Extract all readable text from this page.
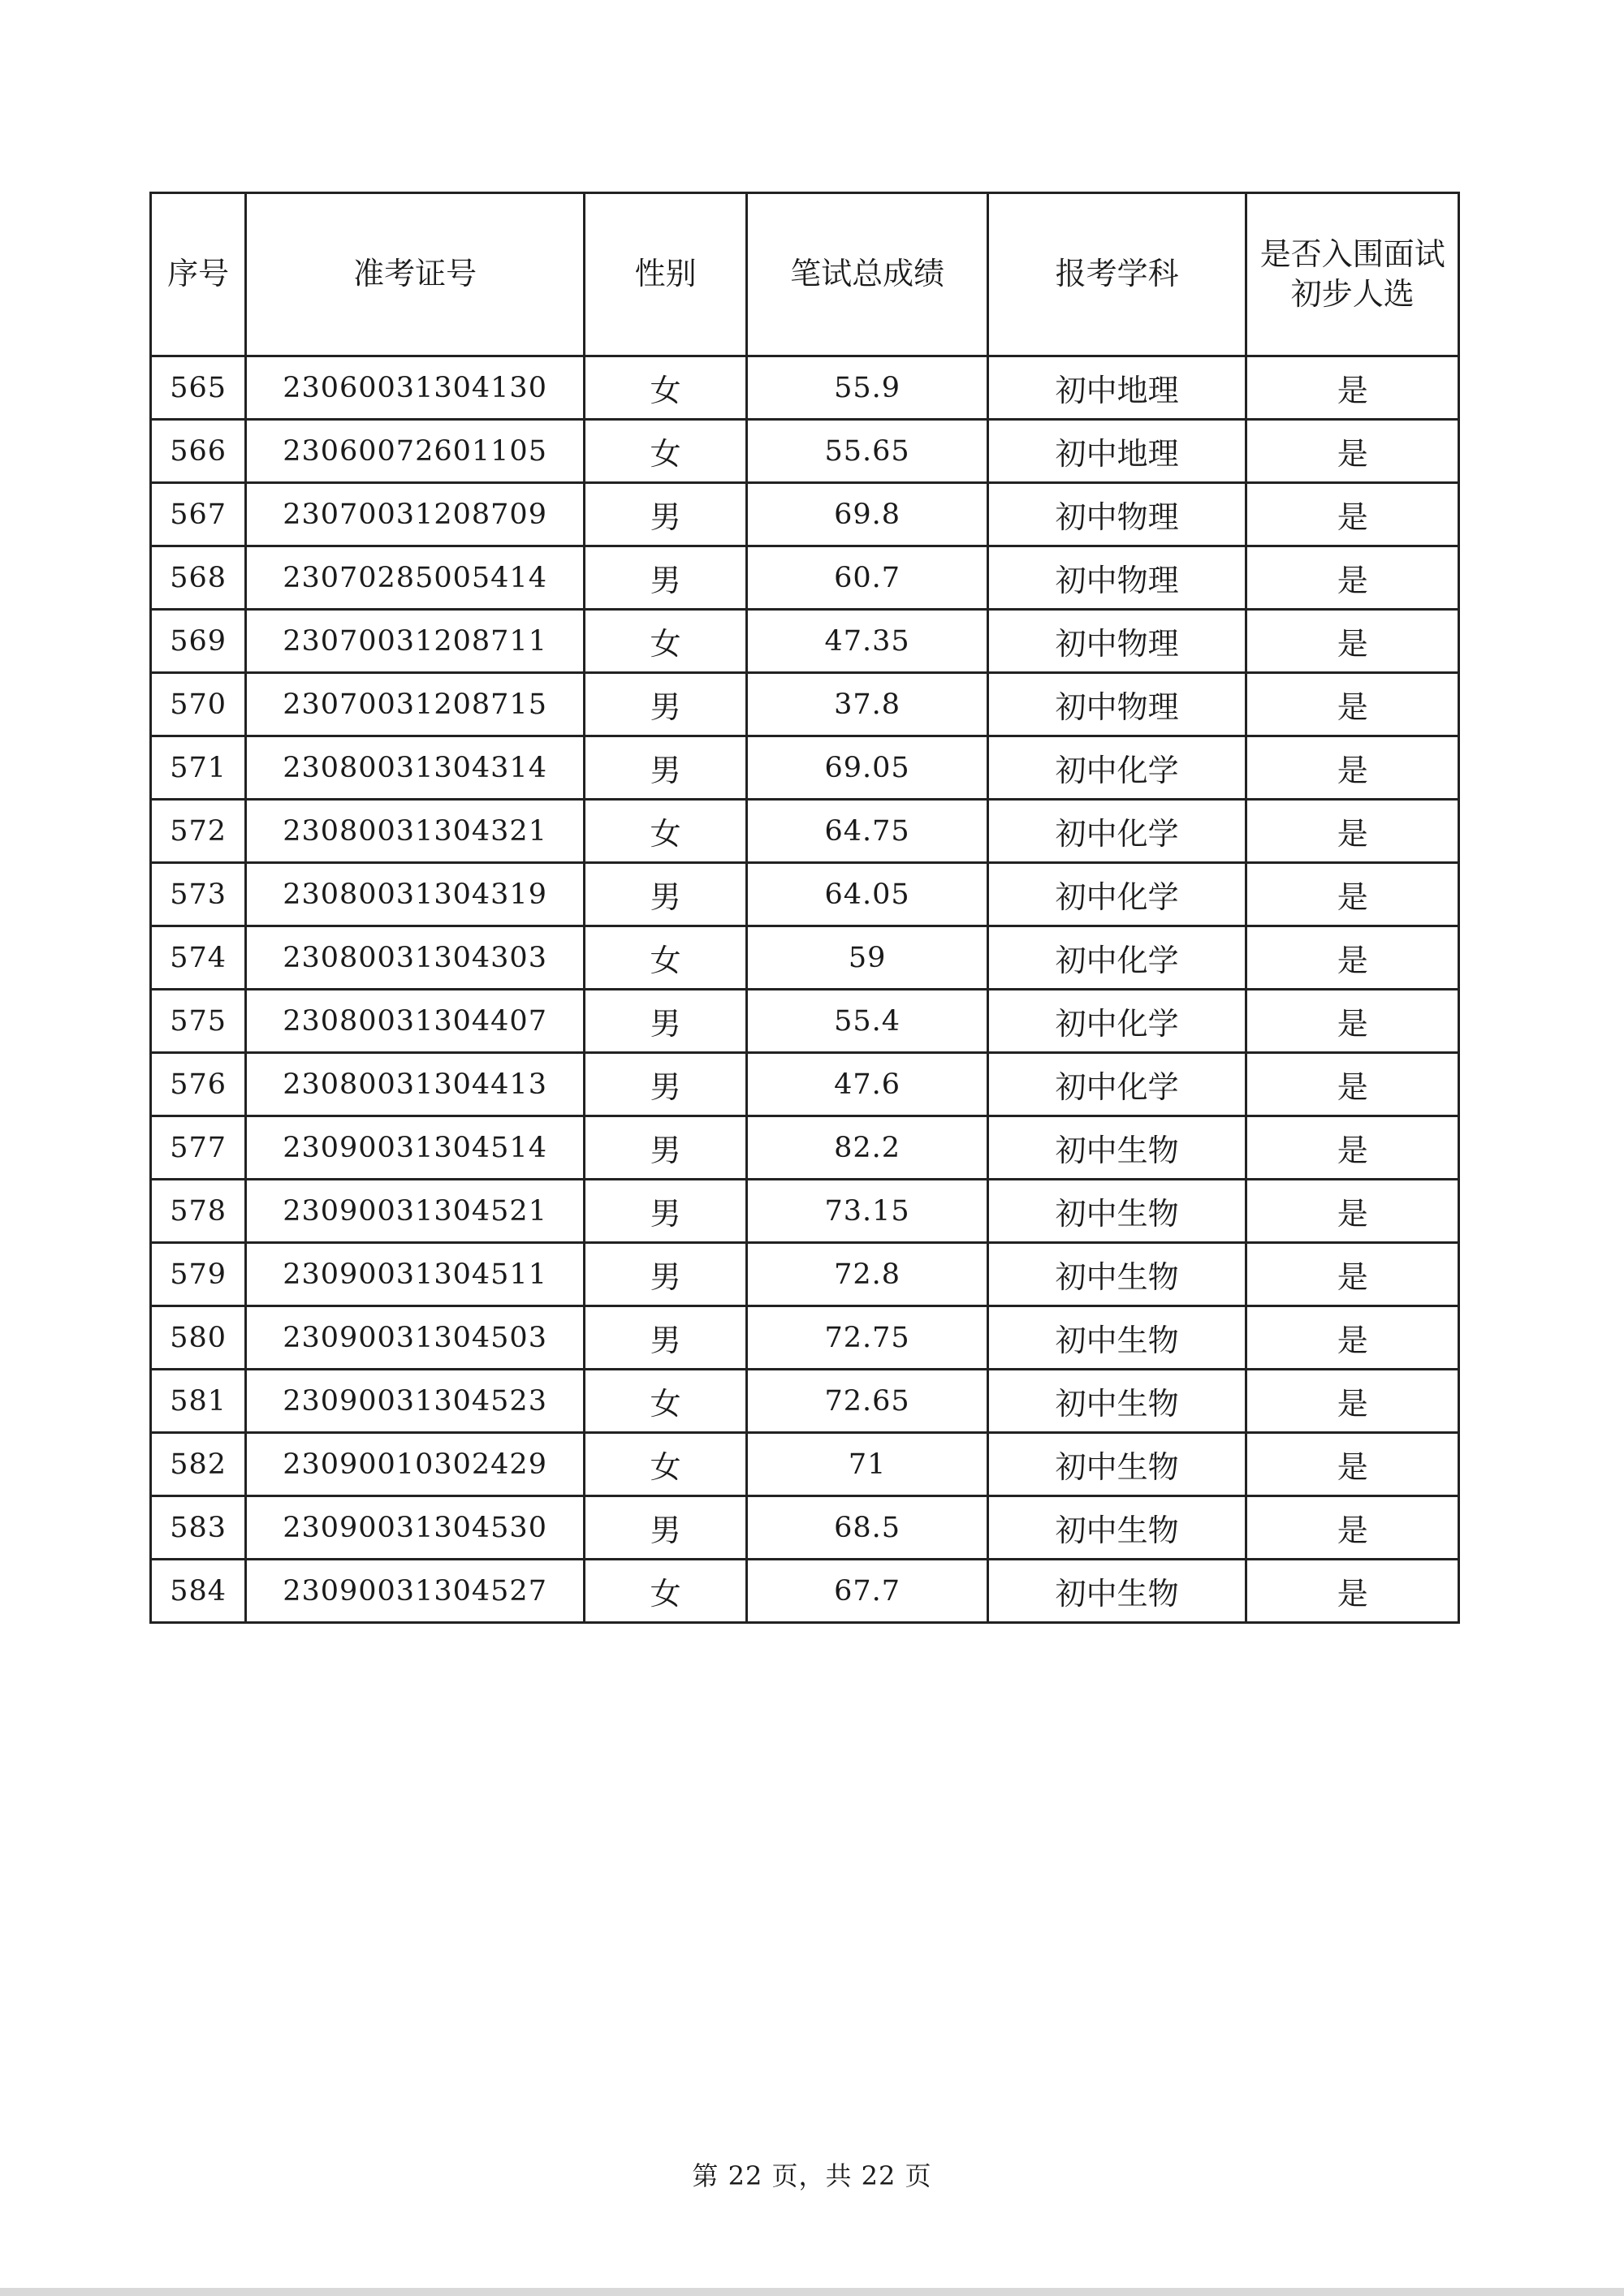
序号	准考证号	性别	笔试总成绩	报考学科	是否入围面试初步人选
565	23060031304130	女	55.9	初中地理	是
566	23060072601105	女	55.65	初中地理	是
567	23070031208709	男	69.8	初中物理	是
568	23070285005414	男	60.7	初中物理	是
569	23070031208711	女	47.35	初中物理	是
570	23070031208715	男	37.8	初中物理	是
571	23080031304314	男	69.05	初中化学	是
572	23080031304321	女	64.75	初中化学	是
573	23080031304319	男	64.05	初中化学	是
574	23080031304303	女	59	初中化学	是
575	23080031304407	男	55.4	初中化学	是
576	23080031304413	男	47.6	初中化学	是
577	23090031304514	男	82.2	初中生物	是
578	23090031304521	男	73.15	初中生物	是
579	23090031304511	男	72.8	初中生物	是
580	23090031304503	男	72.75	初中生物	是
581	23090031304523	女	72.65	初中生物	是
582	23090010302429	女	71	初中生物	是
583	23090031304530	男	68.5	初中生物	是
584	23090031304527	女	67.7	初中生物	是
第 22 页，共 22 页
